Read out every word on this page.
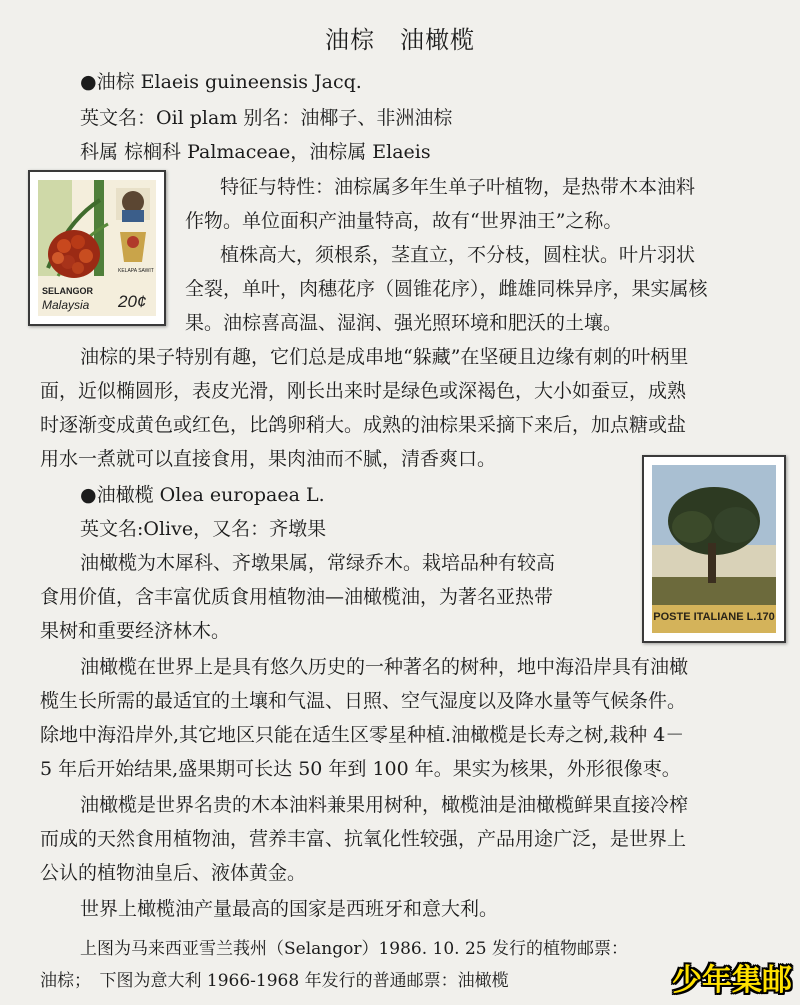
油棕　油橄榄
●油棕 Elaeis guineensis Jacq.
英文名：Oil plam 别名：油椰子、非洲油棕
科属 棕榈科 Palmaceae，油棕属 Elaeis
SELANGOR
Malaysia 20¢
KELAPA SAWIT
特征与特性：油棕属多年生单子叶植物，是热带木本油料
作物。单位面积产油量特高，故有“世界油王”之称。
植株高大，须根系，茎直立，不分枝，圆柱状。叶片羽状
全裂，单叶，肉穗花序（圆锥花序），雌雄同株异序，果实属核
果。油棕喜高温、湿润、强光照环境和肥沃的土壤。
油棕的果子特别有趣，它们总是成串地“躲藏”在坚硬且边缘有刺的叶柄里
面，近似椭圆形，表皮光滑，刚长出来时是绿色或深褐色，大小如蚕豆，成熟
时逐渐变成黄色或红色，比鸽卵稍大。成熟的油棕果采摘下来后，加点糖或盐
用水一煮就可以直接食用，果肉油而不腻，清香爽口。
●油橄榄 Olea europaea L.
英文名:Olive，又名：齐墩果
POSTE ITALIANE L.170
油橄榄为木犀科、齐墩果属，常绿乔木。栽培品种有较高
食用价值，含丰富优质食用植物油—油橄榄油，为著名亚热带
果树和重要经济林木。
油橄榄在世界上是具有悠久历史的一种著名的树种，地中海沿岸具有油橄
榄生长所需的最适宜的土壤和气温、日照、空气湿度以及降水量等气候条件。
除地中海沿岸外,其它地区只能在适生区零星种植.油橄榄是长寿之树,栽种 4－
5 年后开始结果,盛果期可长达 50 年到 100 年。果实为核果，外形很像枣。
油橄榄是世界名贵的木本油料兼果用树种，橄榄油是油橄榄鲜果直接冷榨
而成的天然食用植物油，营养丰富、抗氧化性较强，产品用途广泛，是世界上
公认的植物油皇后、液体黄金。
世界上橄榄油产量最高的国家是西班牙和意大利。
上图为马来西亚雪兰莪州（Selangor）1986. 10. 25 发行的植物邮票：
油棕；　下图为意大利 1966-1968 年发行的普通邮票：油橄榄	少年集邮
